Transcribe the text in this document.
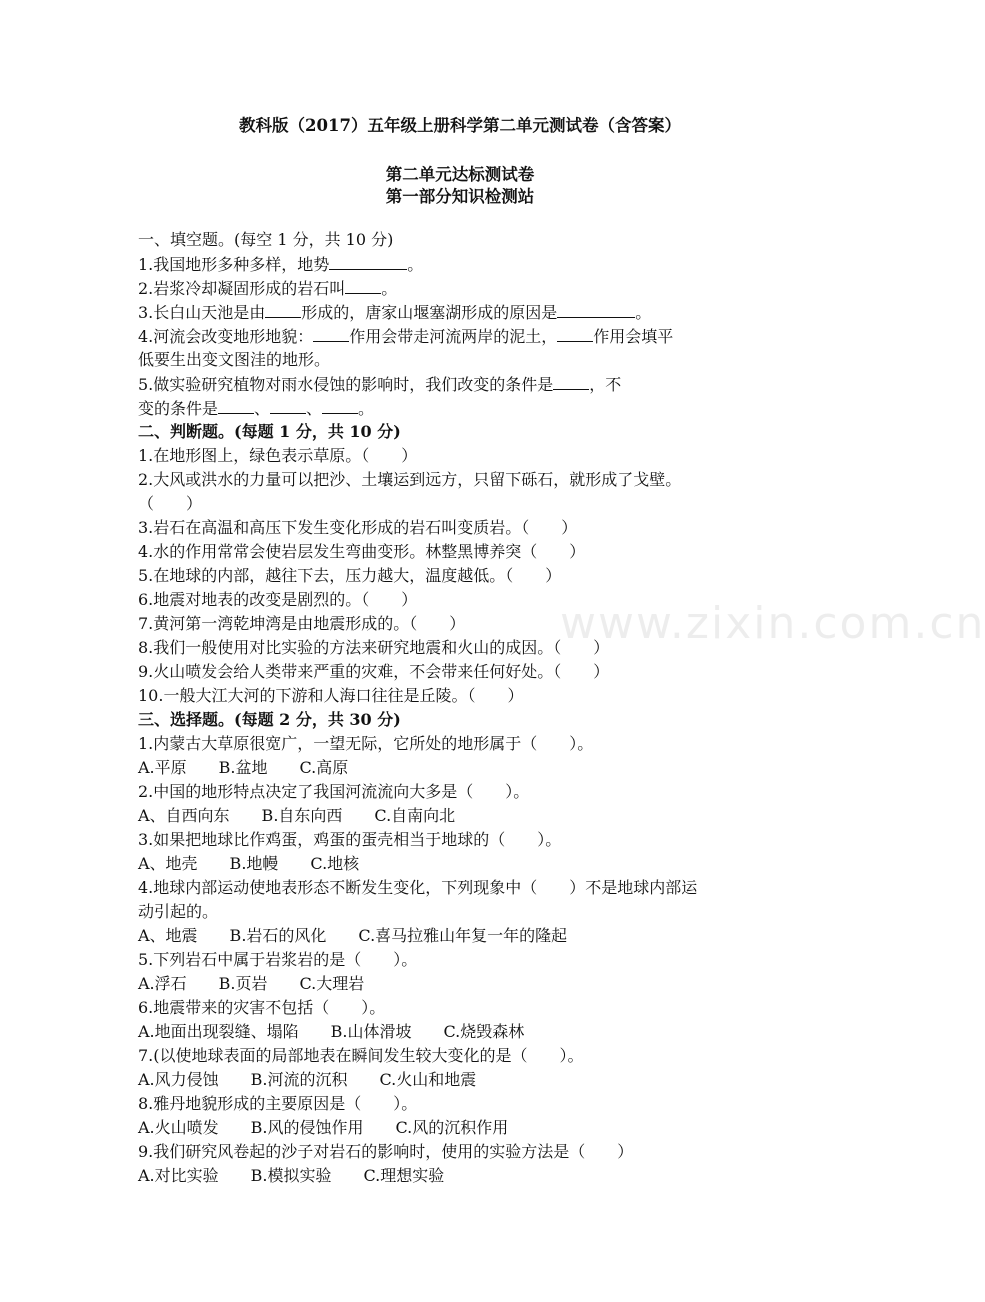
教科版（2017）五年级上册科学第二单元测试卷（含答案）
第二单元达标测试卷
第一部分知识检测站
www.zixin.com.cn
一、填空题。(每空 1 分，共 10 分)
1.我国地形多种多样，地势	。
2.岩浆冷却凝固形成的岩石叫 。
3.长白山天池是由 形成的，唐家山堰塞湖形成的原因是	。
4.河流会改变地形地貌： 作用会带走河流两岸的泥土， 作用会填平
低要生出变文图洼的地形。
5.做实验研究植物对雨水侵蚀的影响时，我们改变的条件是 ，不
变的条件是 、 、 。
二、判断题。(每题 1 分，共 10 分)
1.在地形图上，绿色表示草原。（　　）
2.大风或洪水的力量可以把沙、土壤运到远方，只留下砾石，就形成了戈壁。
（　　）
3.岩石在高温和高压下发生变化形成的岩石叫变质岩。（　　）
4.水的作用常常会使岩层发生弯曲变形。林整黑博养突（　　）
5.在地球的内部，越往下去，压力越大，温度越低。（　　）
6.地震对地表的改变是剧烈的。（　　）
7.黄河第一湾乾坤湾是由地震形成的。（　　）
8.我们一般使用对比实验的方法来研究地震和火山的成因。（　　）
9.火山喷发会给人类带来严重的灾难，不会带来任何好处。（　　）
10.一般大江大河的下游和人海口往往是丘陵。（　　）
三、选择题。(每题 2 分，共 30 分)
1.内蒙古大草原很宽广，一望无际，它所处的地形属于（　　）。
A.平原　　B.盆地　　C.高原
2.中国的地形特点决定了我国河流流向大多是（　　）。
A、自西向东　　B.自东向西　　C.自南向北
3.如果把地球比作鸡蛋，鸡蛋的蛋壳相当于地球的（　　）。
A、地壳　　B.地幔　　C.地核
4.地球内部运动使地表形态不断发生变化，下列现象中（　　）不是地球内部运
动引起的。
A、地震　　B.岩石的风化　　C.喜马拉雅山年复一年的隆起
5.下列岩石中属于岩浆岩的是（　　）。
A.浮石　　B.页岩　　C.大理岩
6.地震带来的灾害不包括（　　）。
A.地面出现裂缝、塌陷　　B.山体滑坡　　C.烧毁森林
7.(以使地球表面的局部地表在瞬间发生较大变化的是（　　）。
A.风力侵蚀　　B.河流的沉积　　C.火山和地震
8.雅丹地貌形成的主要原因是（　　）。
A.火山喷发　　B.风的侵蚀作用　　C.风的沉积作用
9.我们研究风卷起的沙子对岩石的影响时，使用的实验方法是（　　）
A.对比实验　　B.模拟实验　　C.理想实验
